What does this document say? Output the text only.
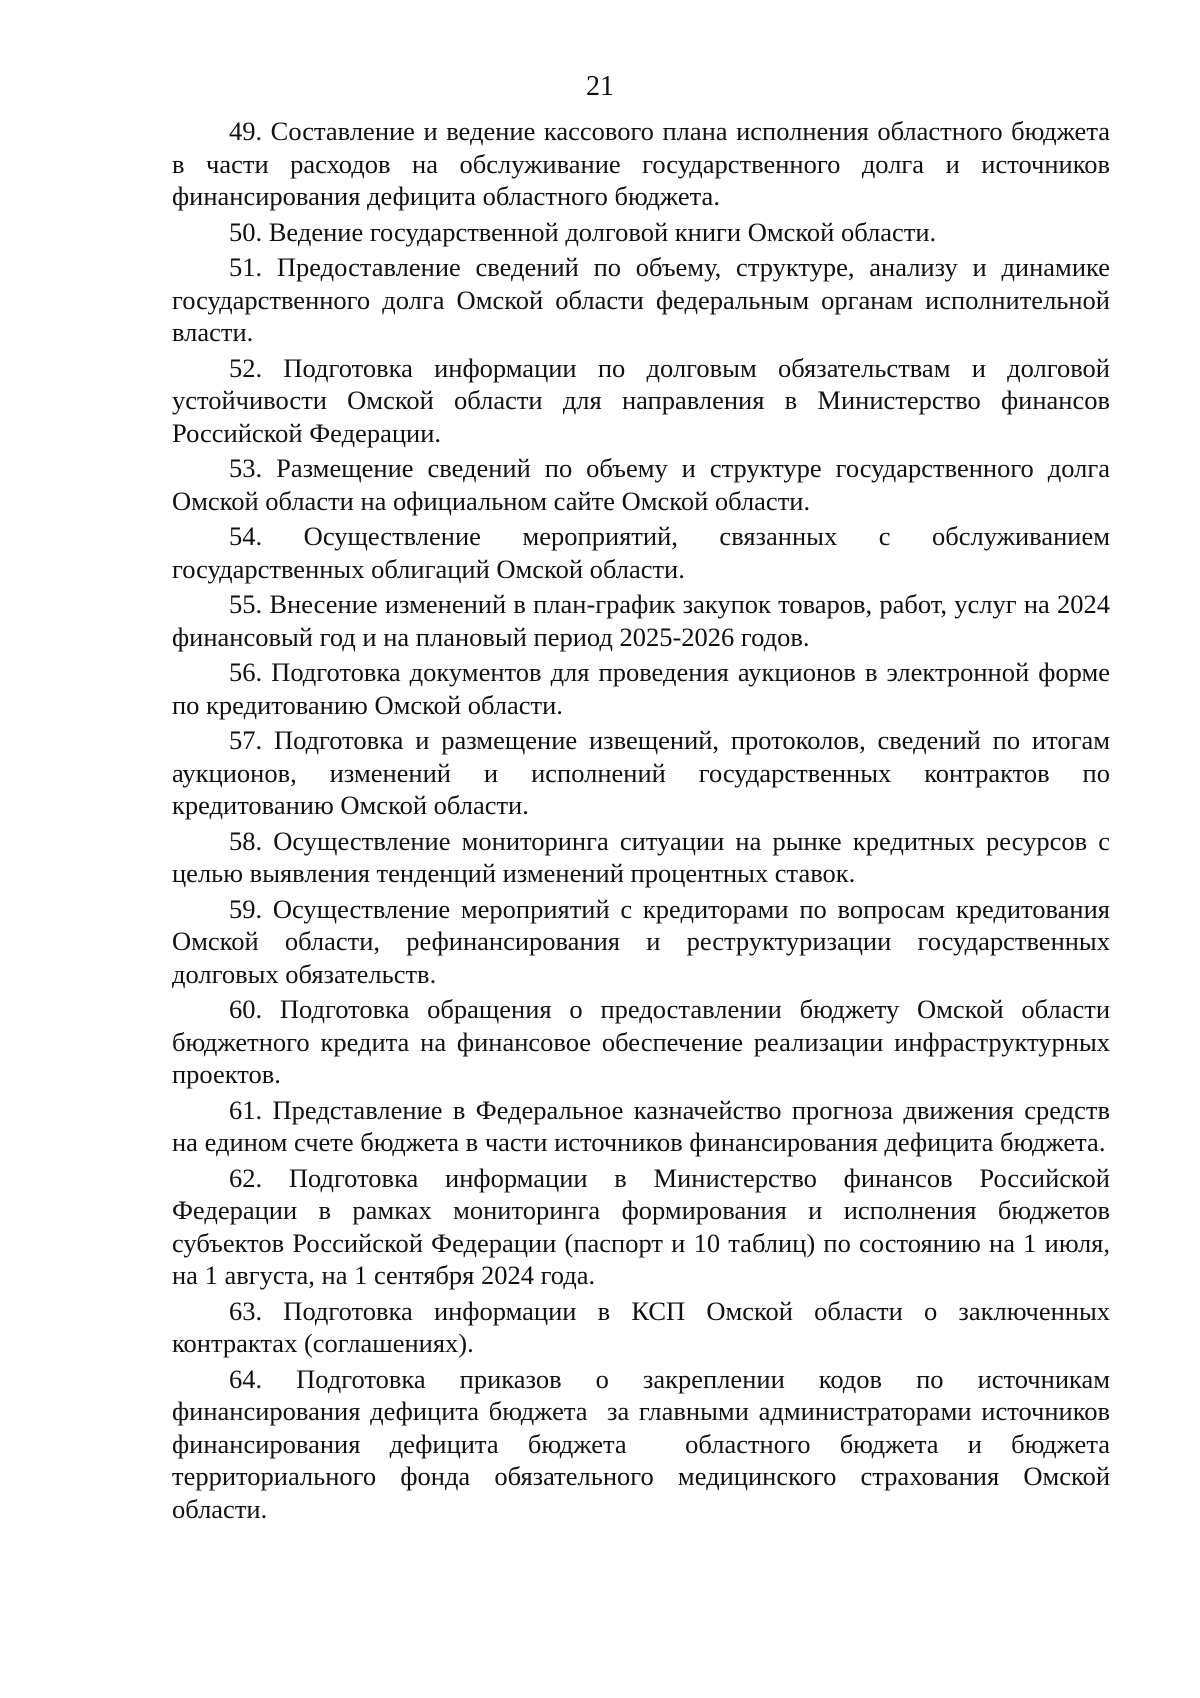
21

49. Составление и ведение кассового плана исполнения областного бюджета в части расходов на обслуживание государственного долга и источников финансирования дефицита областного бюджета.

50. Ведение государственной долговой книги Омской области.

51. Предоставление сведений по объему, структуре, анализу и динамике государственного долга Омской области федеральным органам исполнительной власти.

52. Подготовка информации по долговым обязательствам и долговой устойчивости Омской области для направления в Министерство финансов Российской Федерации.

53. Размещение сведений по объему и структуре государственного долга Омской области на официальном сайте Омской области.

54. Осуществление мероприятий, связанных с обслуживанием государственных облигаций Омской области.

55. Внесение изменений в план-график закупок товаров, работ, услуг на 2024 финансовый год и на плановый период 2025-2026 годов.

56. Подготовка документов для проведения аукционов в электронной форме по кредитованию Омской области.

57. Подготовка и размещение извещений, протоколов, сведений по итогам аукционов, изменений и исполнений государственных контрактов по кредитованию Омской области.

58. Осуществление мониторинга ситуации на рынке кредитных ресурсов с целью выявления тенденций изменений процентных ставок.

59. Осуществление мероприятий с кредиторами по вопросам кредитования Омской области, рефинансирования и реструктуризации государственных долговых обязательств.

60. Подготовка обращения о предоставлении бюджету Омской области бюджетного кредита на финансовое обеспечение реализации инфраструктурных проектов.

61. Представление в Федеральное казначейство прогноза движения средств на едином счете бюджета в части источников финансирования дефицита бюджета.

62. Подготовка информации в Министерство финансов Российской Федерации в рамках мониторинга формирования и исполнения бюджетов субъектов Российской Федерации (паспорт и 10 таблиц) по состоянию на 1 июля, на 1 августа, на 1 сентября 2024 года.

63. Подготовка информации в КСП Омской области о заключенных контрактах (соглашениях).

64. Подготовка приказов о закреплении кодов по источникам финансирования дефицита бюджета  за главными администраторами источников финансирования дефицита бюджета  областного бюджета и бюджета территориального фонда обязательного медицинского страхования Омской области.
